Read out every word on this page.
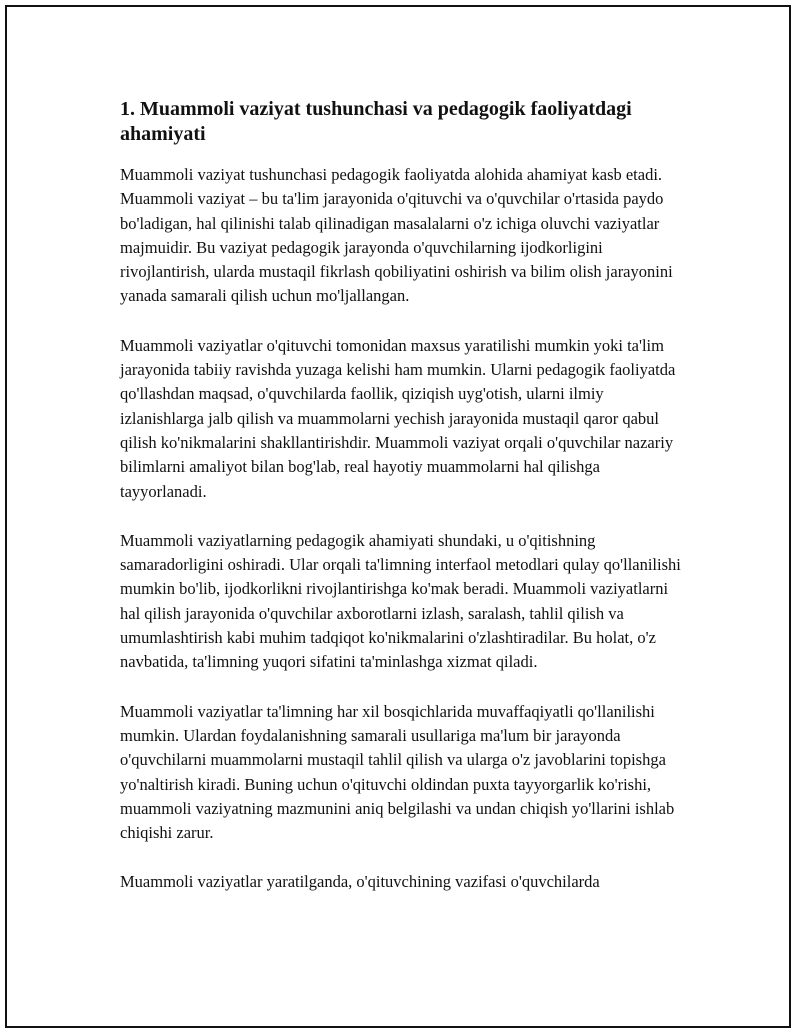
1. Muammoli vaziyat tushunchasi va pedagogik faoliyatdagi ahamiyati

Muammoli vaziyat tushunchasi pedagogik faoliyatda alohida ahamiyat kasb etadi. Muammoli vaziyat – bu ta'lim jarayonida o'qituvchi va o'quvchilar o'rtasida paydo bo'ladigan, hal qilinishi talab qilinadigan masalalarni o'z ichiga oluvchi vaziyatlar majmuidir. Bu vaziyat pedagogik jarayonda o'quvchilarning ijodkorligini rivojlantirish, ularda mustaqil fikrlash qobiliyatini oshirish va bilim olish jarayonini yanada samarali qilish uchun mo'ljallangan.

Muammoli vaziyatlar o'qituvchi tomonidan maxsus yaratilishi mumkin yoki ta'lim jarayonida tabiiy ravishda yuzaga kelishi ham mumkin. Ularni pedagogik faoliyatda qo'llashdan maqsad, o'quvchilarda faollik, qiziqish uyg'otish, ularni ilmiy izlanishlarga jalb qilish va muammolarni yechish jarayonida mustaqil qaror qabul qilish ko'nikmalarini shakllantirishdir. Muammoli vaziyat orqali o'quvchilar nazariy bilimlarni amaliyot bilan bog'lab, real hayotiy muammolarni hal qilishga tayyorlanadi.

Muammoli vaziyatlarning pedagogik ahamiyati shundaki, u o'qitishning samaradorligini oshiradi. Ular orqali ta'limning interfaol metodlari qulay qo'llanilishi mumkin bo'lib, ijodkorlikni rivojlantirishga ko'mak beradi. Muammoli vaziyatlarni hal qilish jarayonida o'quvchilar axborotlarni izlash, saralash, tahlil qilish va umumlashtirish kabi muhim tadqiqot ko'nikmalarini o'zlashtiradilar. Bu holat, o'z navbatida, ta'limning yuqori sifatini ta'minlashga xizmat qiladi.

Muammoli vaziyatlar ta'limning har xil bosqichlarida muvaffaqiyatli qo'llanilishi mumkin. Ulardan foydalanishning samarali usullariga ma'lum bir jarayonda o'quvchilarni muammolarni mustaqil tahlil qilish va ularga o'z javoblarini topishga yo'naltirish kiradi. Buning uchun o'qituvchi oldindan puxta tayyorgarlik ko'rishi, muammoli vaziyatning mazmunini aniq belgilashi va undan chiqish yo'llarini ishlab chiqishi zarur.

Muammoli vaziyatlar yaratilganda, o'qituvchining vazifasi o'quvchilarda
